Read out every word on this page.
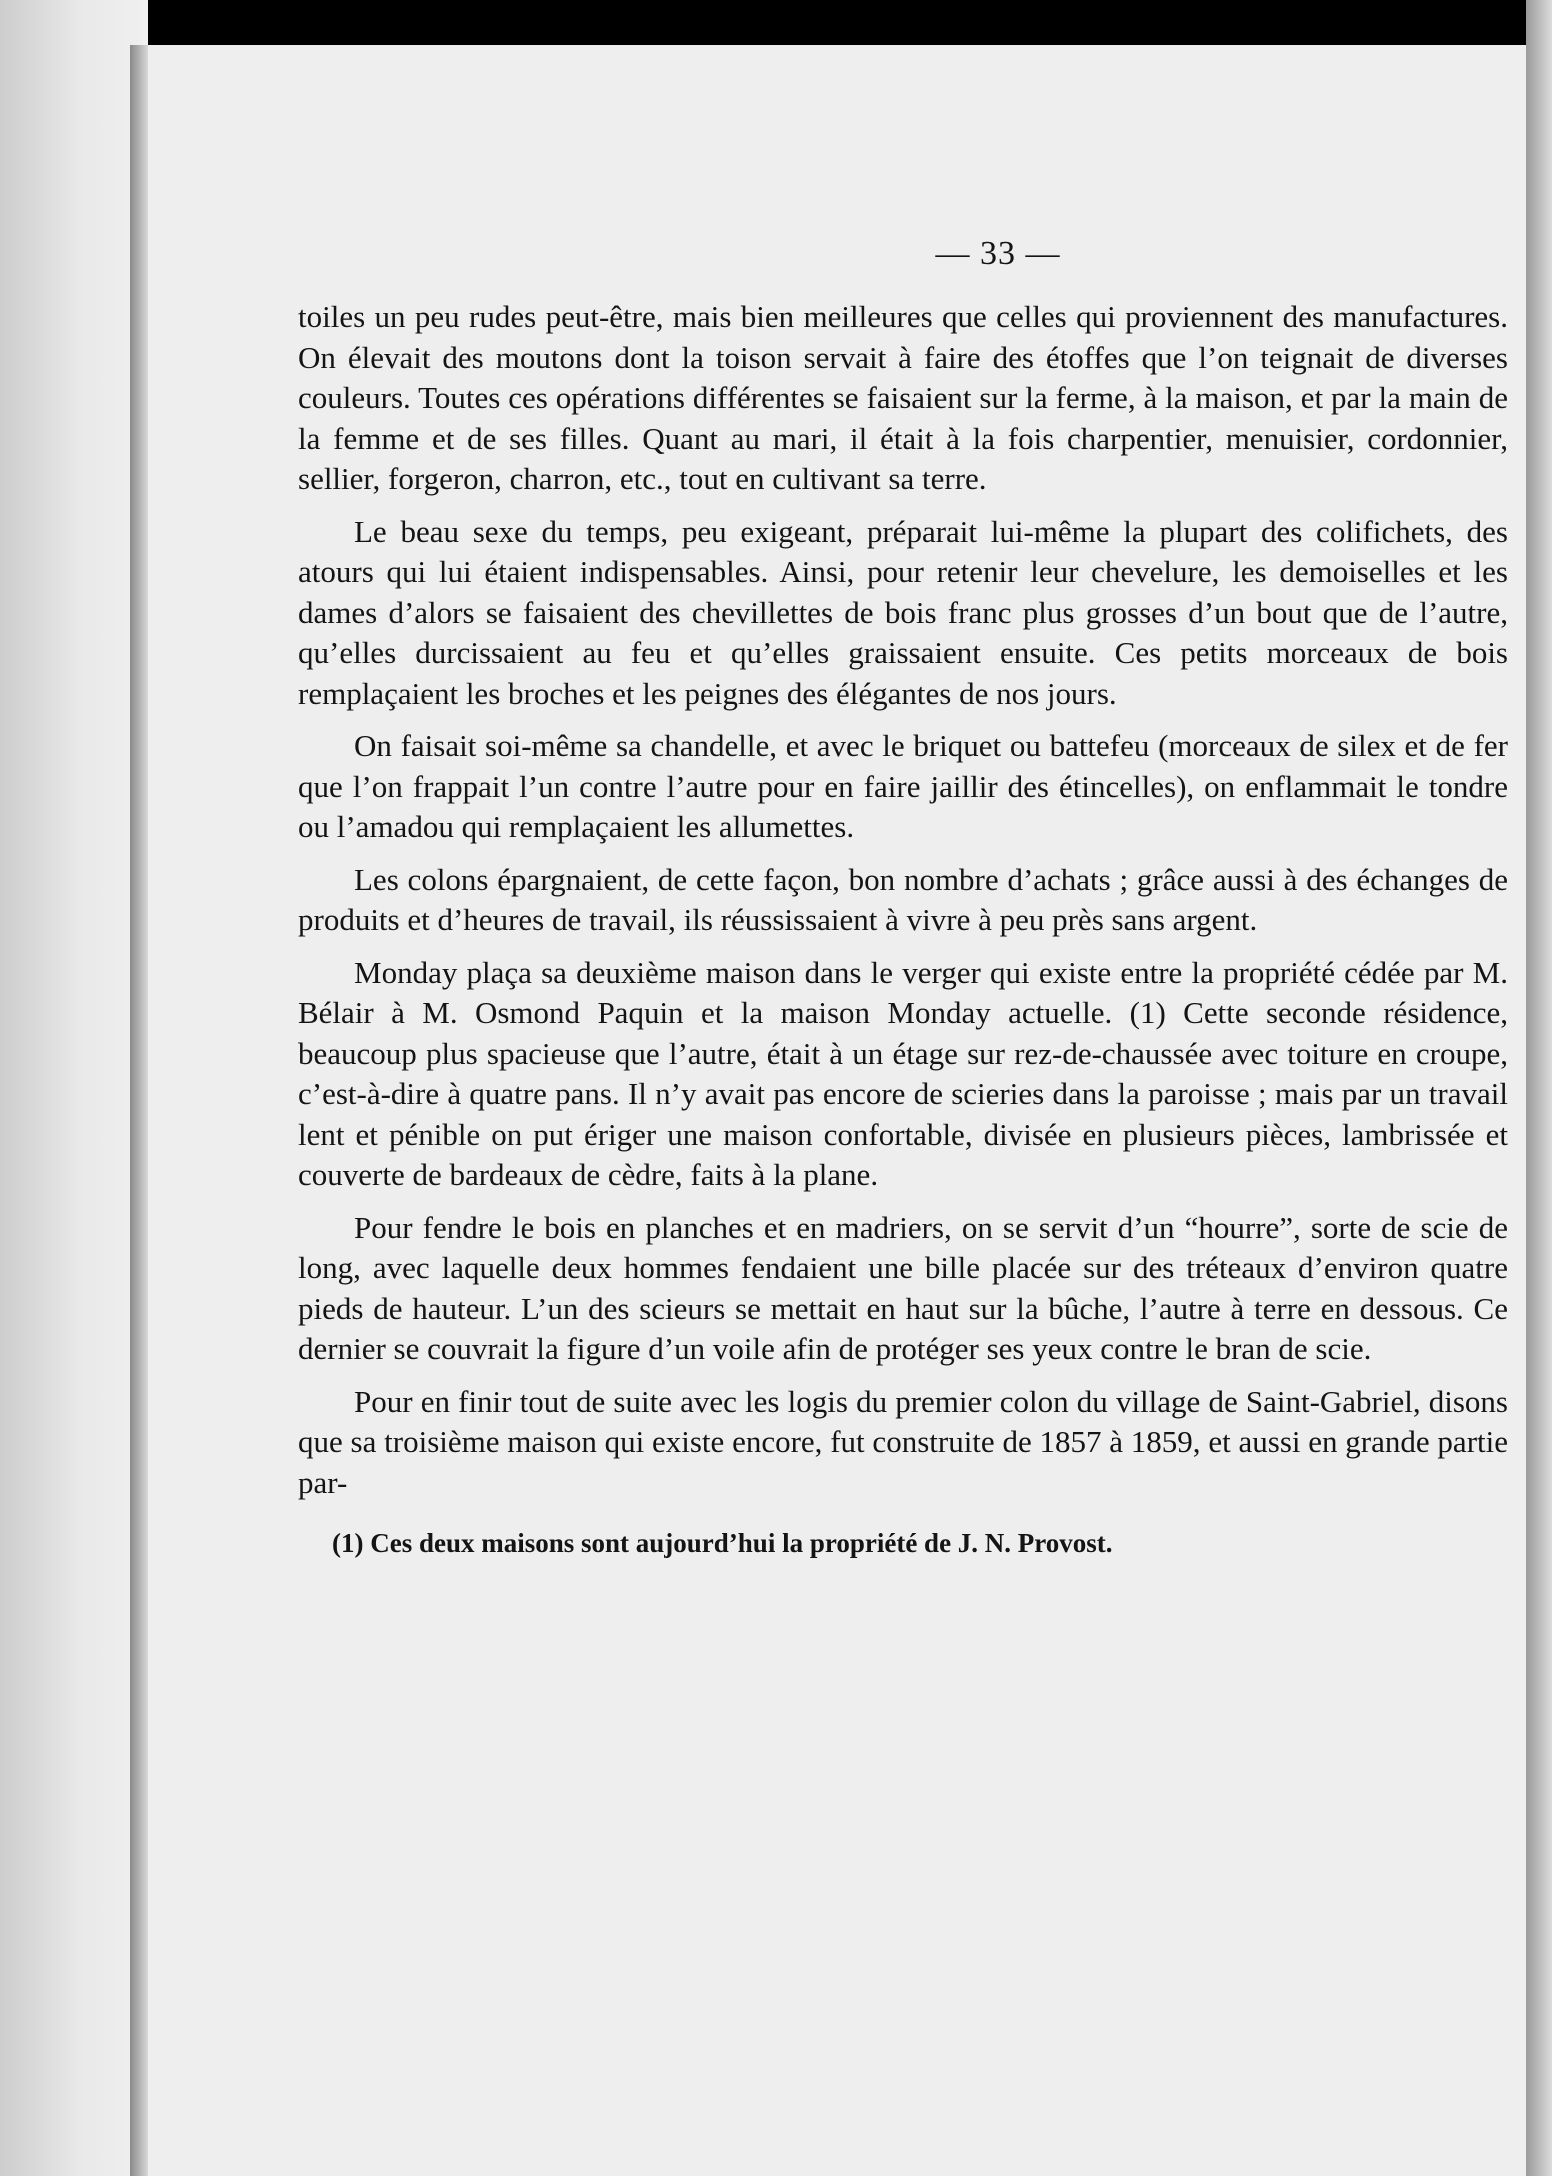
— 33 —

toiles un peu rudes peut-être, mais bien meilleures que celles qui proviennent des manufactures. On élevait des moutons dont la toison servait à faire des étoffes que l’on teignait de diverses couleurs. Toutes ces opérations différentes se faisaient sur la ferme, à la maison, et par la main de la femme et de ses filles. Quant au mari, il était à la fois charpentier, menuisier, cordonnier, sellier, forgeron, charron, etc., tout en cultivant sa terre.

Le beau sexe du temps, peu exigeant, préparait lui-même la plupart des colifichets, des atours qui lui étaient indispensables. Ainsi, pour retenir leur chevelure, les demoiselles et les dames d’alors se faisaient des chevillettes de bois franc plus grosses d’un bout que de l’autre, qu’elles durcissaient au feu et qu’elles graissaient ensuite. Ces petits morceaux de bois remplaçaient les broches et les peignes des élégantes de nos jours.

On faisait soi-même sa chandelle, et avec le briquet ou battefeu (morceaux de silex et de fer que l’on frappait l’un contre l’autre pour en faire jaillir des étincelles), on enflammait le tondre ou l’amadou qui remplaçaient les allumettes.

Les colons épargnaient, de cette façon, bon nombre d’achats ; grâce aussi à des échanges de produits et d’heures de travail, ils réussissaient à vivre à peu près sans argent.

Monday plaça sa deuxième maison dans le verger qui existe entre la propriété cédée par M. Bélair à M. Osmond Paquin et la maison Monday actuelle. (1) Cette seconde résidence, beaucoup plus spacieuse que l’autre, était à un étage sur rez-de-chaussée avec toiture en croupe, c’est-à-dire à quatre pans. Il n’y avait pas encore de scieries dans la paroisse ; mais par un travail lent et pénible on put ériger une maison confortable, divisée en plusieurs pièces, lambrissée et couverte de bardeaux de cèdre, faits à la plane.

Pour fendre le bois en planches et en madriers, on se servit d’un “hourre”, sorte de scie de long, avec laquelle deux hommes fendaient une bille placée sur des tréteaux d’environ quatre pieds de hauteur. L’un des scieurs se mettait en haut sur la bûche, l’autre à terre en dessous. Ce dernier se couvrait la figure d’un voile afin de protéger ses yeux contre le bran de scie.

Pour en finir tout de suite avec les logis du premier colon du village de Saint-Gabriel, disons que sa troisième maison qui existe encore, fut construite de 1857 à 1859, et aussi en grande partie par-

(1) Ces deux maisons sont aujourd’hui la propriété de J. N. Provost.
